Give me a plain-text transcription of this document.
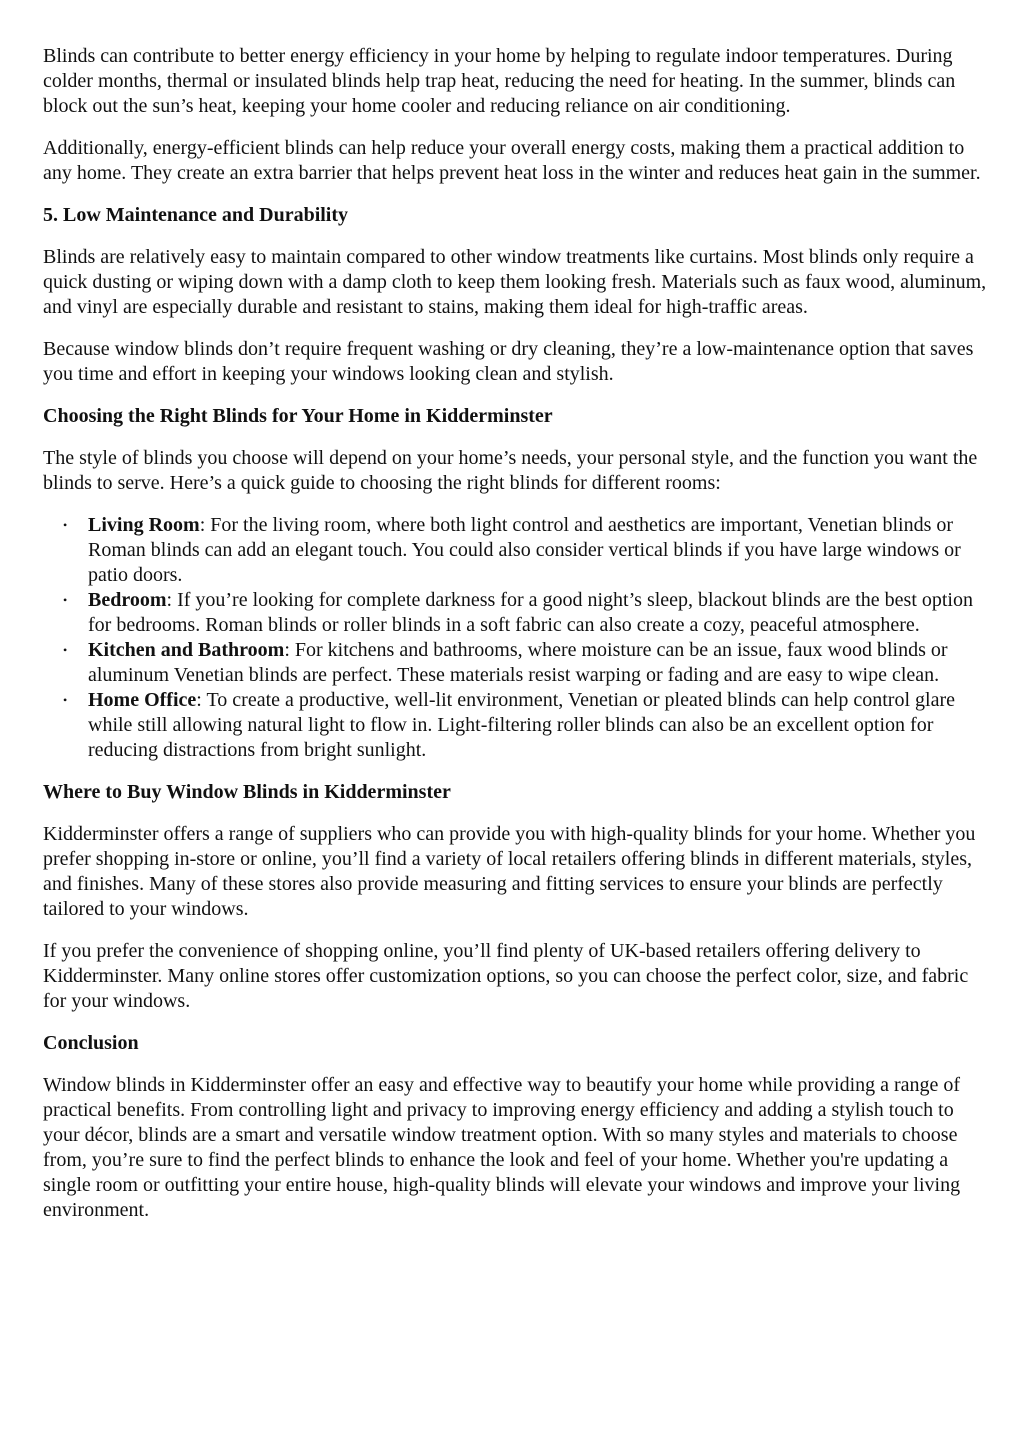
Blinds can contribute to better energy efficiency in your home by helping to regulate indoor temperatures. During colder months, thermal or insulated blinds help trap heat, reducing the need for heating. In the summer, blinds can block out the sun’s heat, keeping your home cooler and reducing reliance on air conditioning.

Additionally, energy-efficient blinds can help reduce your overall energy costs, making them a practical addition to any home. They create an extra barrier that helps prevent heat loss in the winter and reduces heat gain in the summer.

5. Low Maintenance and Durability

Blinds are relatively easy to maintain compared to other window treatments like curtains. Most blinds only require a quick dusting or wiping down with a damp cloth to keep them looking fresh. Materials such as faux wood, aluminum, and vinyl are especially durable and resistant to stains, making them ideal for high-traffic areas.

Because window blinds don’t require frequent washing or dry cleaning, they’re a low-maintenance option that saves you time and effort in keeping your windows looking clean and stylish.

Choosing the Right Blinds for Your Home in Kidderminster

The style of blinds you choose will depend on your home’s needs, your personal style, and the function you want the blinds to serve. Here’s a quick guide to choosing the right blinds for different rooms:

• Living Room: For the living room, where both light control and aesthetics are important, Venetian blinds or Roman blinds can add an elegant touch. You could also consider vertical blinds if you have large windows or patio doors.
• Bedroom: If you’re looking for complete darkness for a good night’s sleep, blackout blinds are the best option for bedrooms. Roman blinds or roller blinds in a soft fabric can also create a cozy, peaceful atmosphere.
• Kitchen and Bathroom: For kitchens and bathrooms, where moisture can be an issue, faux wood blinds or aluminum Venetian blinds are perfect. These materials resist warping or fading and are easy to wipe clean.
• Home Office: To create a productive, well-lit environment, Venetian or pleated blinds can help control glare while still allowing natural light to flow in. Light-filtering roller blinds can also be an excellent option for reducing distractions from bright sunlight.

Where to Buy Window Blinds in Kidderminster

Kidderminster offers a range of suppliers who can provide you with high-quality blinds for your home. Whether you prefer shopping in-store or online, you’ll find a variety of local retailers offering blinds in different materials, styles, and finishes. Many of these stores also provide measuring and fitting services to ensure your blinds are perfectly tailored to your windows.

If you prefer the convenience of shopping online, you’ll find plenty of UK-based retailers offering delivery to Kidderminster. Many online stores offer customization options, so you can choose the perfect color, size, and fabric for your windows.

Conclusion

Window blinds in Kidderminster offer an easy and effective way to beautify your home while providing a range of practical benefits. From controlling light and privacy to improving energy efficiency and adding a stylish touch to your décor, blinds are a smart and versatile window treatment option. With so many styles and materials to choose from, you’re sure to find the perfect blinds to enhance the look and feel of your home. Whether you're updating a single room or outfitting your entire house, high-quality blinds will elevate your windows and improve your living environment.
